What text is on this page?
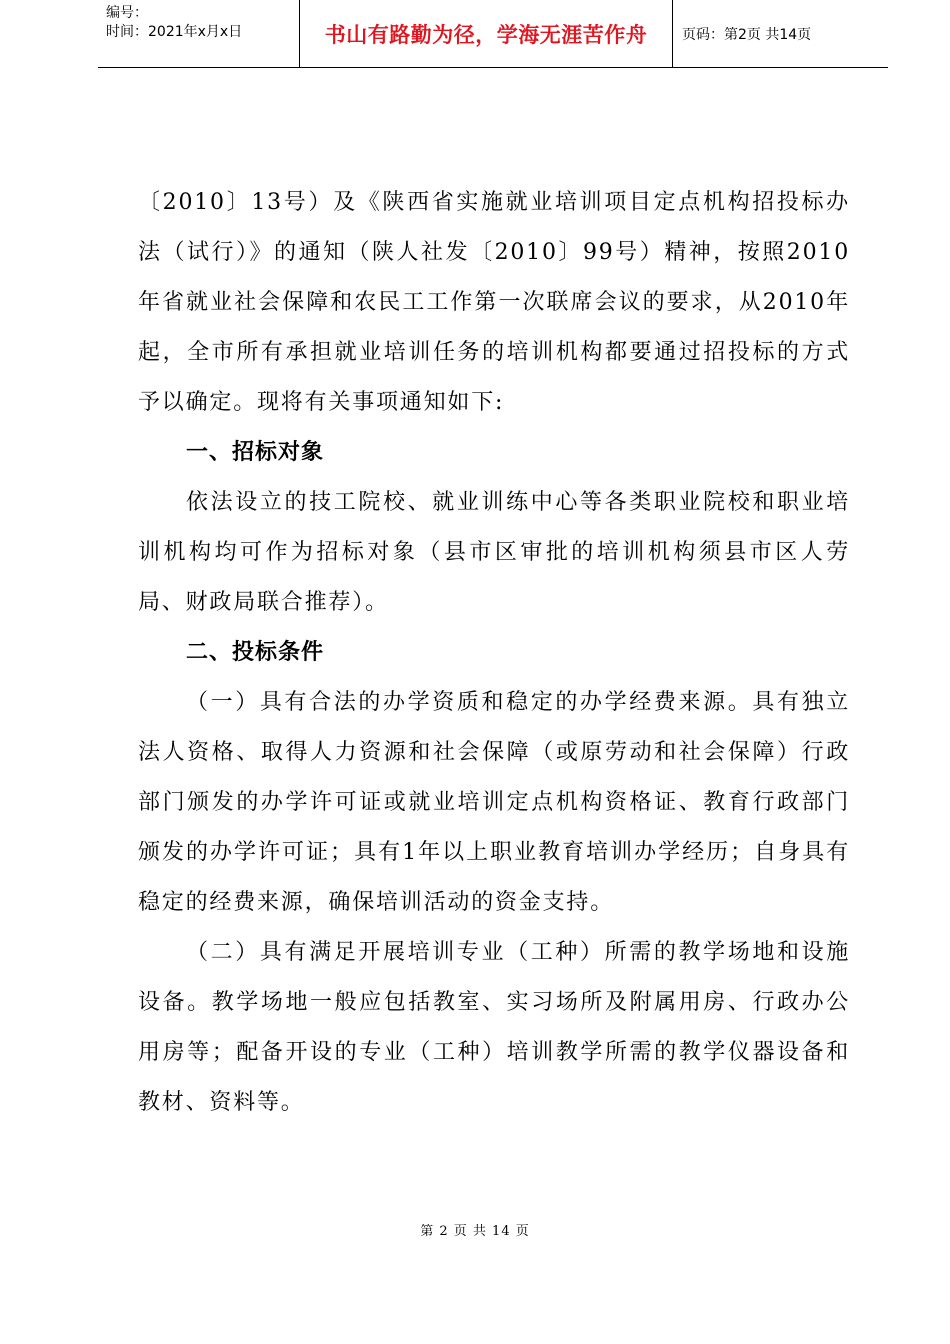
编号：
时间：2021年x月x日	书山有路勤为径，学海无涯苦作舟	页码：第2页 共14页

〔2010〕13号）及《陕西省实施就业培训项目定点机构招投标办法（试行）》的通知（陕人社发〔2010〕99号）精神，按照2010年省就业社会保障和农民工工作第一次联席会议的要求，从2010年起，全市所有承担就业培训任务的培训机构都要通过招投标的方式予以确定。现将有关事项通知如下:

一、招标对象

依法设立的技工院校、就业训练中心等各类职业院校和职业培训机构均可作为招标对象（县市区审批的培训机构须县市区人劳局、财政局联合推荐）。

二、投标条件

（一）具有合法的办学资质和稳定的办学经费来源。具有独立法人资格、取得人力资源和社会保障（或原劳动和社会保障）行政部门颁发的办学许可证或就业培训定点机构资格证、教育行政部门颁发的办学许可证；具有1年以上职业教育培训办学经历；自身具有稳定的经费来源，确保培训活动的资金支持。

（二）具有满足开展培训专业（工种）所需的教学场地和设施设备。教学场地一般应包括教室、实习场所及附属用房、行政办公用房等；配备开设的专业（工种）培训教学所需的教学仪器设备和教材、资料等。

第 2 页 共 14 页
